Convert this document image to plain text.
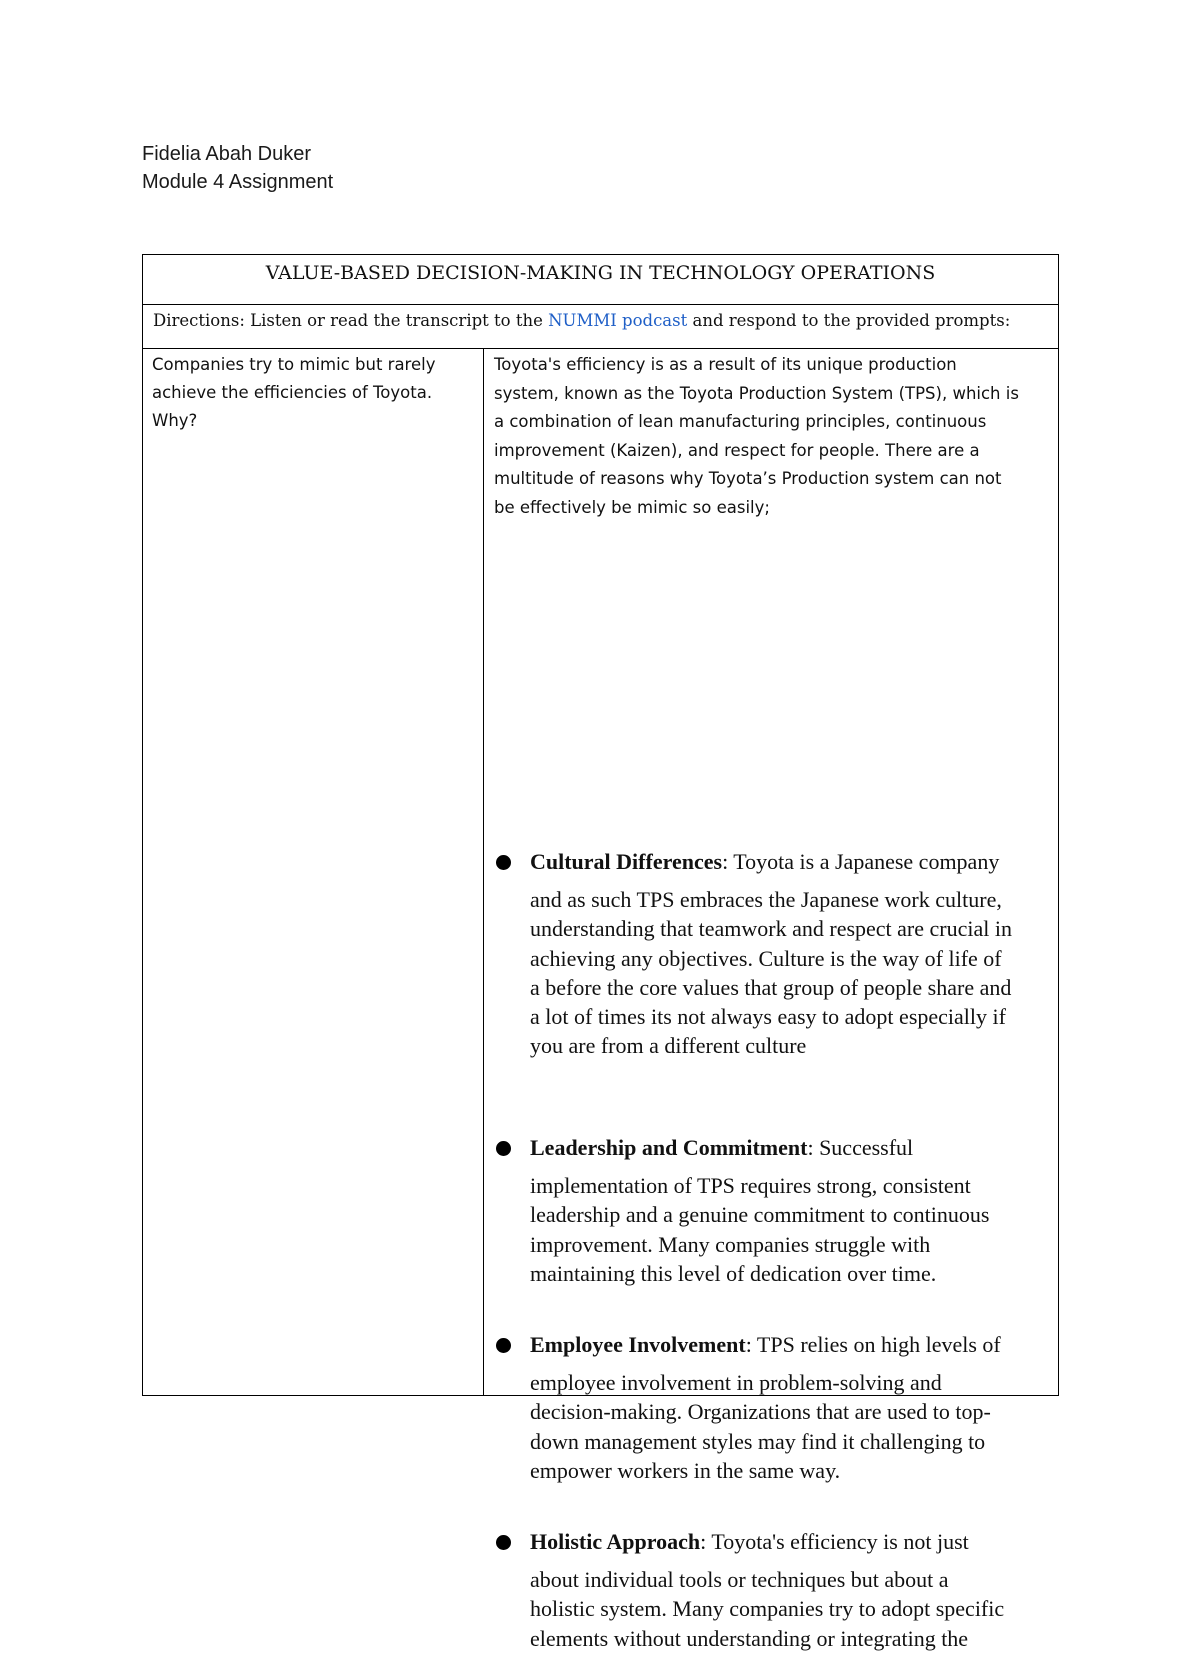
Fidelia Abah Duker
Module 4 Assignment
VALUE-BASED DECISION-MAKING IN TECHNOLOGY OPERATIONS
Directions: Listen or read the transcript to the NUMMI podcast and respond to the provided prompts:
Companies try to mimic but rarely
achieve the efficiencies of Toyota.
Why?
Toyota's efficiency is as a result of its unique production
system, known as the Toyota Production System (TPS), which is
a combination of lean manufacturing principles, continuous
improvement (Kaizen), and respect for people. There are a
multitude of reasons why Toyota’s Production system can not
be effectively be mimic so easily;
Cultural Differences: Toyota is a Japanese company
and as such TPS embraces the Japanese work culture,
understanding that teamwork and respect are crucial in
achieving any objectives. Culture is the way of life of
a before the core values that group of people share and
a lot of times its not always easy to adopt especially if
you are from a different culture
Leadership and Commitment: Successful
implementation of TPS requires strong, consistent
leadership and a genuine commitment to continuous
improvement. Many companies struggle with
maintaining this level of dedication over time.
Employee Involvement: TPS relies on high levels of
employee involvement in problem-solving and
decision-making. Organizations that are used to top-
down management styles may find it challenging to
empower workers in the same way.
Holistic Approach: Toyota's efficiency is not just
about individual tools or techniques but about a
holistic system. Many companies try to adopt specific
elements without understanding or integrating the
